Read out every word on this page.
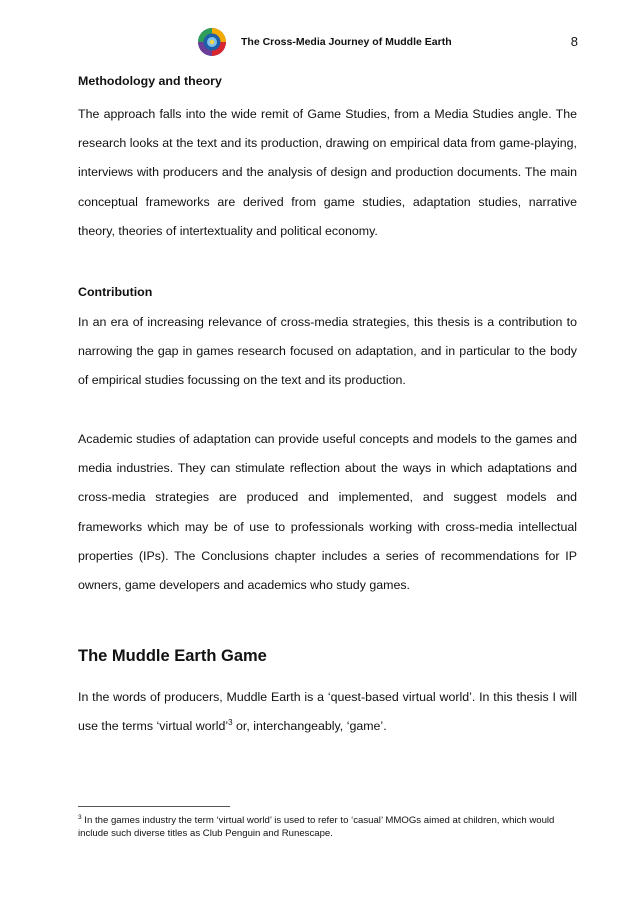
The Cross-Media Journey of Muddle Earth	8
Methodology and theory

The approach falls into the wide remit of Game Studies, from a Media Studies angle. The research looks at the text and its production, drawing on empirical data from game-playing, interviews with producers and the analysis of design and production documents. The main conceptual frameworks are derived from game studies, adaptation studies, narrative theory, theories of intertextuality and political economy.

Contribution

In an era of increasing relevance of cross-media strategies, this thesis is a contribution to narrowing the gap in games research focused on adaptation, and in particular to the body of empirical studies focussing on the text and its production.

Academic studies of adaptation can provide useful concepts and models to the games and media industries. They can stimulate reflection about the ways in which adaptations and cross-media strategies are produced and implemented, and suggest models and frameworks which may be of use to professionals working with cross-media intellectual properties (IPs). The Conclusions chapter includes a series of recommendations for IP owners, game developers and academics who study games.

The Muddle Earth Game

In the words of producers, Muddle Earth is a ‘quest-based virtual world’. In this thesis I will use the terms ‘virtual world’$^3$ or, interchangeably, ‘game’.

$^3$ In the games industry the term ‘virtual world’ is used to refer to ‘casual’ MMOGs aimed at children, which would include such diverse titles as Club Penguin and Runescape.
